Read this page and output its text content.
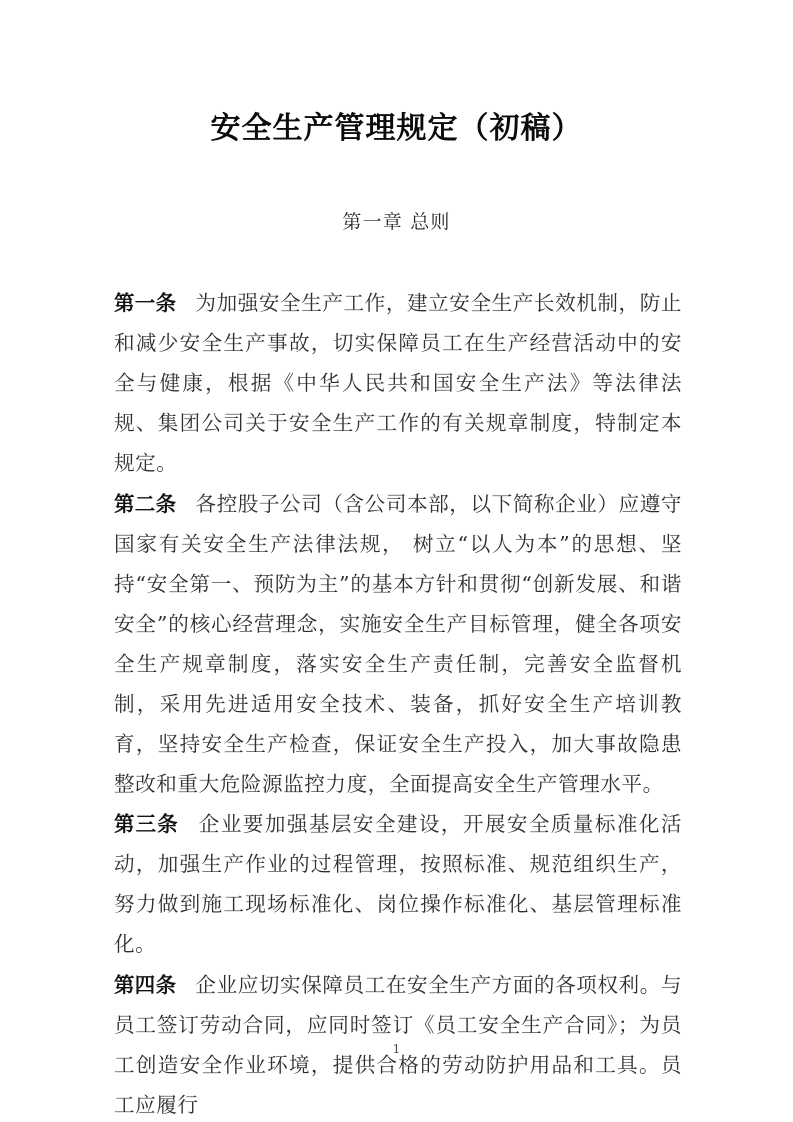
安全生产管理规定（初稿）
第一章 总则

第一条 为加强安全生产工作，建立安全生产长效机制，防止和减少安全生产事故，切实保障员工在生产经营活动中的安全与健康，根据《中华人民共和国安全生产法》等法律法规、集团公司关于安全生产工作的有关规章制度，特制定本规定。

第二条 各控股子公司（含公司本部，以下简称企业）应遵守国家有关安全生产法律法规， 树立“以人为本”的思想、坚持“安全第一、预防为主”的基本方针和贯彻“创新发展、和谐安全”的核心经营理念，实施安全生产目标管理，健全各项安全生产规章制度，落实安全生产责任制，完善安全监督机制，采用先进适用安全技术、装备，抓好安全生产培训教育，坚持安全生产检查，保证安全生产投入，加大事故隐患整改和重大危险源监控力度，全面提高安全生产管理水平。

第三条 企业要加强基层安全建设，开展安全质量标准化活动，加强生产作业的过程管理，按照标准、规范组织生产，努力做到施工现场标准化、岗位操作标准化、基层管理标准化。

第四条 企业应切实保障员工在安全生产方面的各项权利。与员工签订劳动合同，应同时签订《员工安全生产合同》；为员工创造安全作业环境，提供合格的劳动防护用品和工具。员工应履行

1
